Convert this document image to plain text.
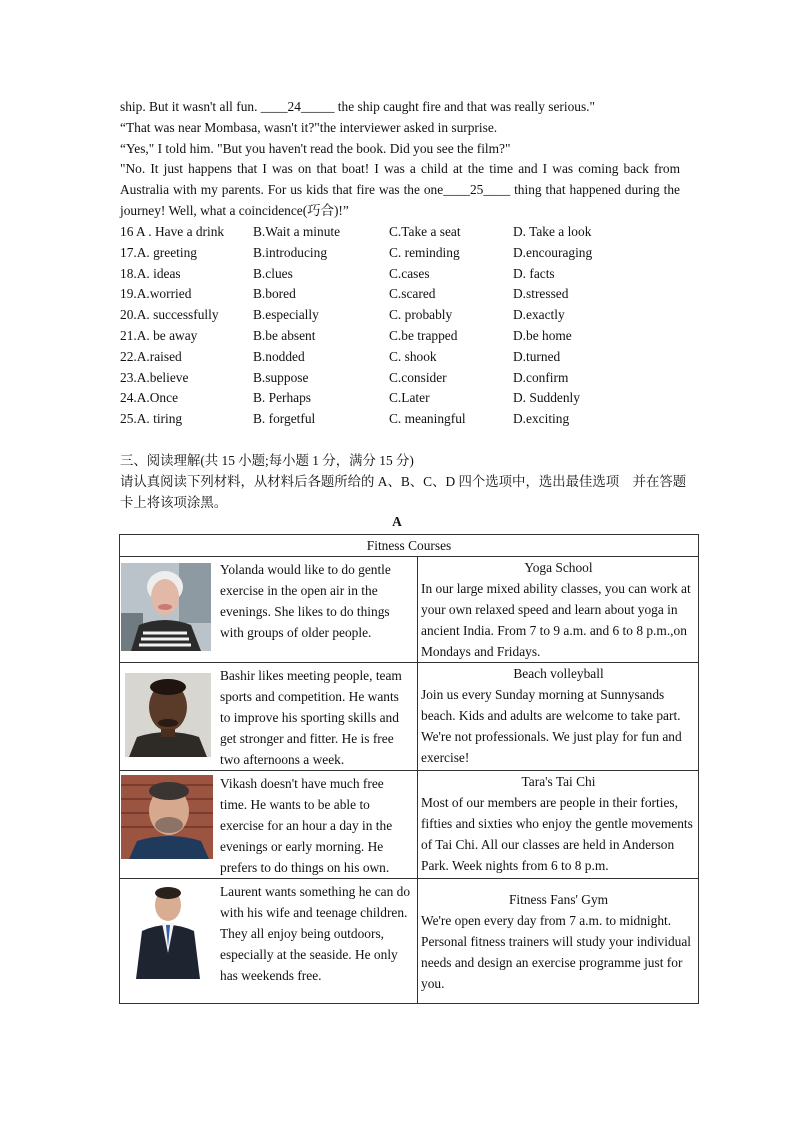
ship. But it wasn't all fun. ____24_____ the ship caught fire and that was really serious."

“That was near Mombasa, wasn't it?"the interviewer asked in surprise.

“Yes," I told him. "But you haven't read the book. Did you see the film?"

"No. It just happens that I was on that boat! I was a child at the time and I was coming back from Australia with my parents. For us kids that fire was the one____25____ thing that happened during the journey! Well, what a coincidence(巧合)!”

16 A . Have a drink B.Wait a minute	C.Take a seat	D. Take a look
17.A. greeting	B.introducing	C. reminding	D.encouraging
18.A. ideas	B.clues	C.cases	D. facts
19.A.worried	B.bored	C.scared	D.stressed
20.A. successfully	B.especially	C. probably	D.exactly
21.A. be away	B.be absent	C.be trapped	D.be home
22.A.raised	B.nodded	C. shook	D.turned
23.A.believe	B.suppose	C.consider	D.confirm
24.A.Once	B. Perhaps	C.Later	D. Suddenly
25.A. tiring	B. forgetful	C. meaningful	D.exciting

三、阅读理解(共 15 小题;每小题 1 分，满分 15 分)

请认真阅读下列材料，从材料后各题所给的 A、B、C、D 四个选项中，选出最佳选项　并在答题卡上将该项涂黑。

A
Fitness Courses	

Yolanda would like to do gentle exercise in the open air in the evenings. She likes to do things with groups of older people.	Yoga School
In our large mixed ability classes, you can work at your own relaxed speed and learn about yoga in ancient India. From 7 to 9 a.m. and 6 to 8 p.m.,on Mondays and Fridays.

Bashir likes meeting people, team sports and competition. He wants to improve his sporting skills and get stronger and fitter. He is free two afternoons a week.	Beach volleyball
Join us every Sunday morning at Sunnysands beach. Kids and adults are welcome to take part. We're not professionals. We just play for fun and exercise!

Vikash doesn't have much free time. He wants to be able to exercise for an hour a day in the evenings or early morning. He prefers to do things on his own.	Tara's Tai Chi
Most of our members are people in their forties, fifties and sixties who enjoy the gentle movements of Tai Chi. All our classes are held in Anderson Park. Week nights from 6 to 8 p.m.

Laurent wants something he can do with his wife and teenage children. They all enjoy being outdoors, especially at the seaside. He only has weekends free.	Fitness Fans' Gym
We're open every day from 7 a.m. to midnight. Personal fitness trainers will study your individual needs and design an exercise programme just for　you.
